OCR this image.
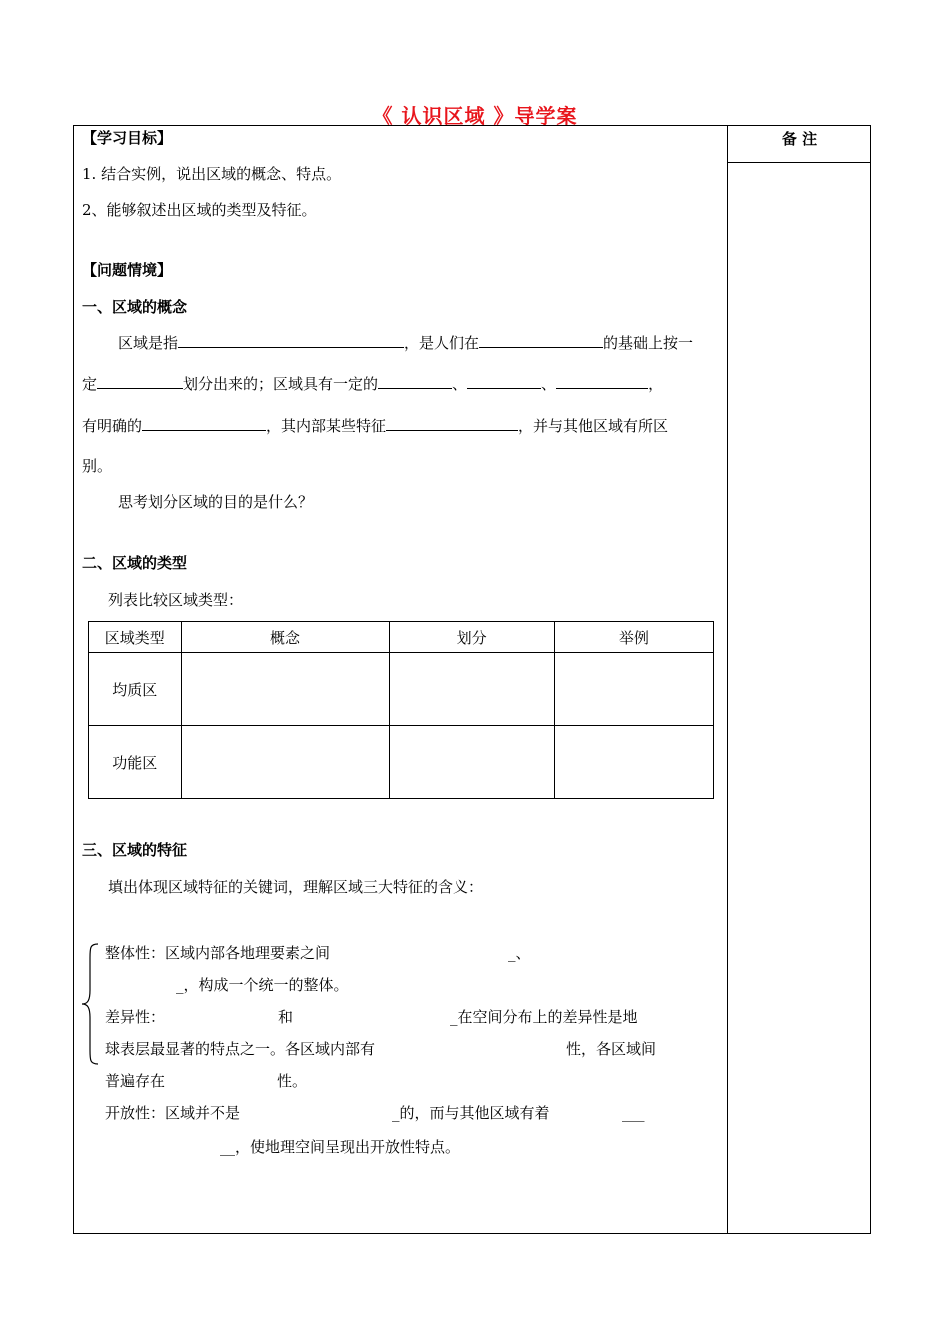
《 认识区域 》导学案
备 注
【学习目标】
1. 结合实例，说出区域的概念、特点。
2、能够叙述出区域的类型及特征。
【问题情境】
一、区域的概念
区域是指	，是人们在	的基础上按一
定	划分出来的；区域具有一定的	、	、	，
有明确的	，其内部某些特征	，并与其他区域有所区
别。
思考划分区域的目的是什么？
二、区域的类型
列表比较区域类型：
区域类型	概念	划分	举例
均质区			
功能区			
三、区域的特征
填出体现区域特征的关键词，理解区域三大特征的含义：
整体性：区域内部各地理要素之间	_、
_，构成一个统一的整体。
差异性：	和	_在空间分布上的差异性是地
球表层最显著的特点之一。各区域内部有	性，各区域间
普遍存在	性。
开放性：区域并不是	_的，而与其他区域有着	___
__，使地理空间呈现出开放性特点。
